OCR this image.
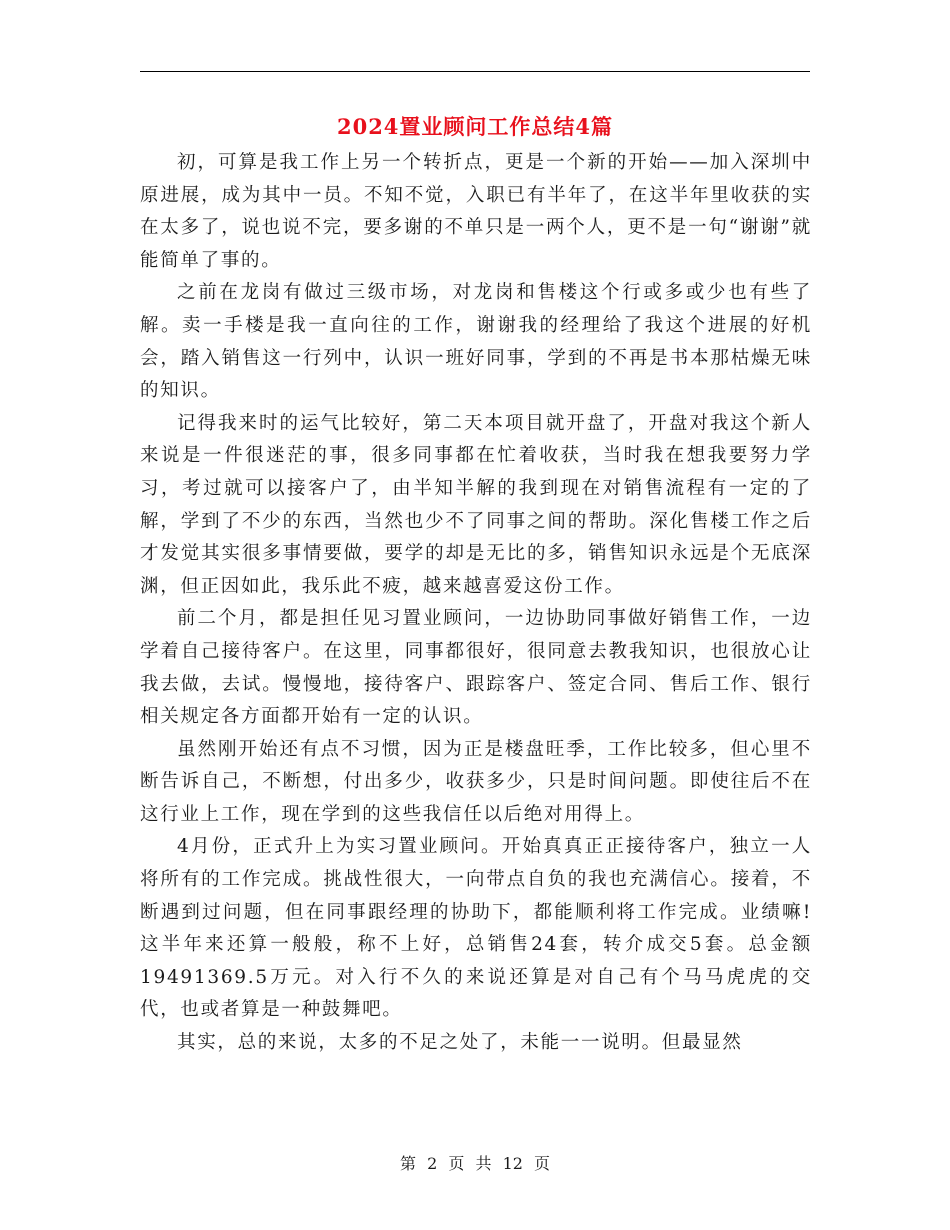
2024置业顾问工作总结4篇

初，可算是我工作上另一个转折点，更是一个新的开始——加入深圳中原进展，成为其中一员。不知不觉，入职已有半年了，在这半年里收获的实在太多了，说也说不完，要多谢的不单只是一两个人，更不是一句“谢谢”就能简单了事的。

之前在龙岗有做过三级市场，对龙岗和售楼这个行或多或少也有些了解。卖一手楼是我一直向往的工作，谢谢我的经理给了我这个进展的好机会，踏入销售这一行列中，认识一班好同事，学到的不再是书本那枯燥无味的知识。

记得我来时的运气比较好，第二天本项目就开盘了，开盘对我这个新人来说是一件很迷茫的事，很多同事都在忙着收获，当时我在想我要努力学习，考过就可以接客户了，由半知半解的我到现在对销售流程有一定的了解，学到了不少的东西，当然也少不了同事之间的帮助。深化售楼工作之后才发觉其实很多事情要做，要学的却是无比的多，销售知识永远是个无底深渊，但正因如此，我乐此不疲，越来越喜爱这份工作。

前二个月，都是担任见习置业顾问，一边协助同事做好销售工作，一边学着自己接待客户。在这里，同事都很好，很同意去教我知识，也很放心让我去做，去试。慢慢地，接待客户、跟踪客户、签定合同、售后工作、银行相关规定各方面都开始有一定的认识。

虽然刚开始还有点不习惯，因为正是楼盘旺季，工作比较多，但心里不断告诉自己，不断想，付出多少，收获多少，只是时间问题。即使往后不在这行业上工作，现在学到的这些我信任以后绝对用得上。

4月份，正式升上为实习置业顾问。开始真真正正接待客户，独立一人将所有的工作完成。挑战性很大，一向带点自负的我也充满信心。接着，不断遇到过问题，但在同事跟经理的协助下，都能顺利将工作完成。业绩嘛!这半年来还算一般般，称不上好，总销售24套，转介成交5套。总金额19491369.5万元。对入行不久的来说还算是对自己有个马马虎虎的交代，也或者算是一种鼓舞吧。

其实，总的来说，太多的不足之处了，未能一一说明。但最显然

第 2 页 共 12 页
